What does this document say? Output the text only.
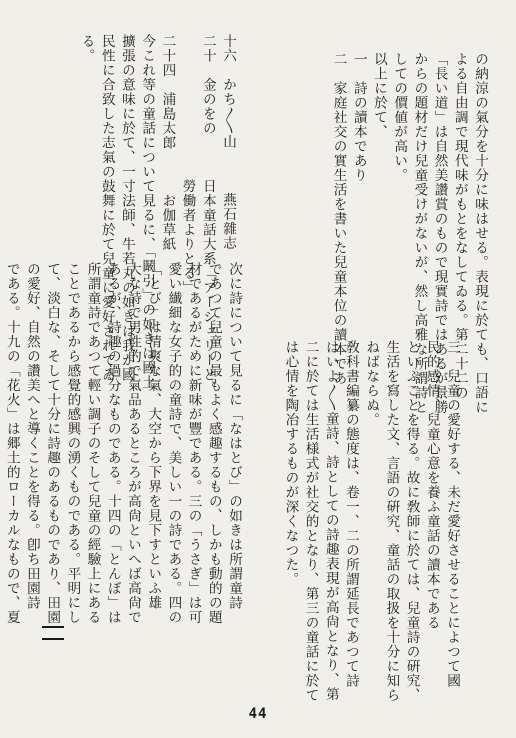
の納涼の氣分を十分に味はせる。表現に於ても、口語に
よる自由調で現代味がもとをなしてゐる。第二十二の
「長い道」は自然美讚賞のもので現實詩ではあるが景勝
からの題材だけ兒童受けがないが、然し高雅な所謂詩と
しての價値が高い。
以上に於て、
一　詩の讀本であり
二　家庭社交の實生活を書いた兒童本位の讀本であ
十六　かち〳〵山　　　燕石雜志
二十　金のをの　　　日本童話大系「アーシェリーと
　　　　　　　　　　勞働者よりとる」
二十四　浦島太郎　　　お伽草紙
今これ等の童話について見るに、「鬫引」の如きは國土
擴張の意味に於て、一寸法師、牛若丸の如きは我が國
民性に合致した志氣の鼓舞に於て兒童に愛好されてゐ
る。
次に詩について見るに「なはとび」の如きは所謂童詩
であつて兒童の最もよく感趣するもの、しかも動的の題
材であるがために新味が豐である。三の「うさぎ」は可
愛い纎細な女子的の童詩で、美しい一の詩である。四の
「とび」は清爽な氣、大空から下界を見下すといふ雄
大な詩で男性的で氣品あるところが高尙といへば高尙で
あるが、詩趣の過分なものである。十四の「とんぼ」は
所謂童詩であつて輕い調子のそして兒童の經驗上にある
ことであるから感覺的感興の湧くものである。平明にし
て、淡白な、そして十分に詩趣のあるものであり、田園
の愛好、自然の讚美へと導くことを得る。卽ち田園詩
である。十九の「花火」は郷土的ローカルなもので、夏	三　兒童の愛好する、未だ愛好させることによつて國
民的感情、兒童心意を養ふ童話の讀本である
といふことを得る。故に敎師に於ては、兒童詩の硏究、
生活を寫した文、言語の硏究、童話の取扱を十分に知ら
ねばならぬ。
敎科書編纂の態度は、卷一、二の所謂延長であつて詩
はいよ〳〵童詩、詩としての詩趣表現が高尙となり、第
二に於ては生活様式が社交的となり、第三の童話に於て
は心情を陶冶するものが深くなつた。
44
